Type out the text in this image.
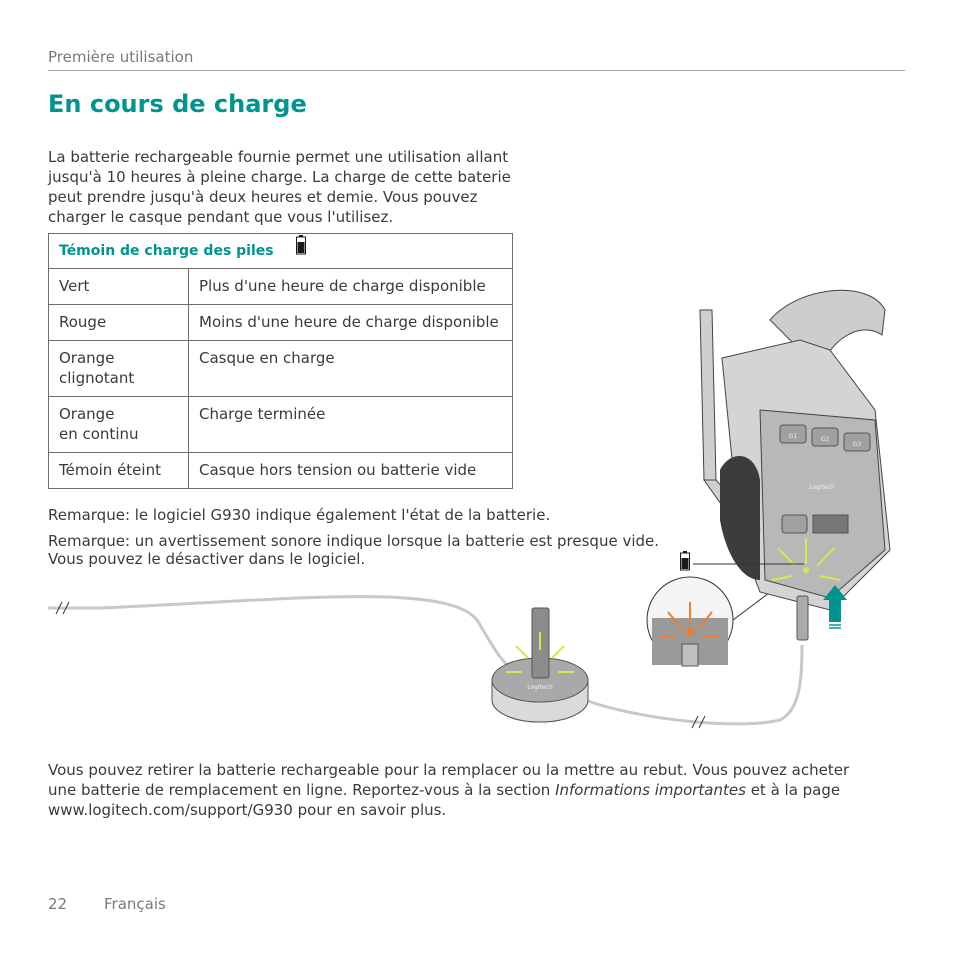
Première utilisation
En cours de charge

La batterie rechargeable fournie permet une utilisation allant jusqu'à 10 heures à pleine charge. La charge de cette baterie peut prendre jusqu'à deux heures et demie. Vous pouvez charger le casque pendant que vous l'utilisez.

Témoin de charge des piles	
Vert	Plus d'une heure de charge disponible
Rouge	Moins d'une heure de charge disponible

Orange
clignotant	Casque en charge

Orange
en continu	Charge terminée
Témoin éteint	Casque hors tension ou batterie vide

Remarque: le logiciel G930 indique également l'état de la batterie.

Remarque: un avertissement sonore indique lorsque la batterie est presque vide.
Vous pouvez le désactiver dans le logiciel.

Logitech
G1	G2
G3
Logitech

Vous pouvez retirer la batterie rechargeable pour la remplacer ou la mettre au rebut. Vous pouvez acheter une batterie de remplacement en ligne. Reportez-vous à la section Informations importantes et à la page www.logitech.com/support/G930 pour en savoir plus.

22 Français
